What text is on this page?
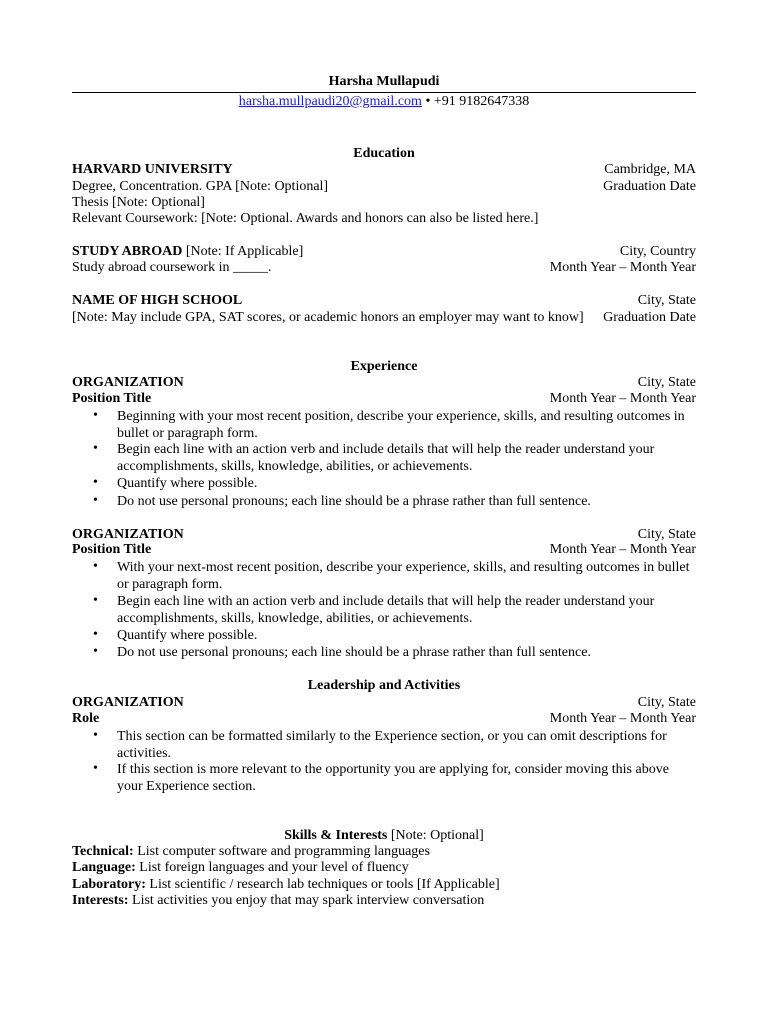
Harsha Mullapudi
harsha.mullpaudi20@gmail.com • +91 9182647338
Education
HARVARD UNIVERSITY	Cambridge, MA
Degree, Concentration. GPA [Note: Optional]	Graduation Date
Thesis [Note: Optional]
Relevant Coursework: [Note: Optional. Awards and honors can also be listed here.]
STUDY ABROAD [Note: If Applicable]	City, Country
Study abroad coursework in _____.	Month Year – Month Year
NAME OF HIGH SCHOOL	City, State
[Note: May include GPA, SAT scores, or academic honors an employer may want to know] Graduation Date
Experience
ORGANIZATION	City, State
Position Title	Month Year – Month Year
•	Beginning with your most recent position, describe your experience, skills, and resulting outcomes in bullet or paragraph form.
•	Begin each line with an action verb and include details that will help the reader understand your accomplishments, skills, knowledge, abilities, or achievements.
•	Quantify where possible.
•	Do not use personal pronouns; each line should be a phrase rather than full sentence.
ORGANIZATION	City, State
Position Title	Month Year – Month Year
•	With your next-most recent position, describe your experience, skills, and resulting outcomes in bullet or paragraph form.
•	Begin each line with an action verb and include details that will help the reader understand your accomplishments, skills, knowledge, abilities, or achievements.
•	Quantify where possible.
•	Do not use personal pronouns; each line should be a phrase rather than full sentence.
Leadership and Activities
ORGANIZATION	City, State
Role	Month Year – Month Year
•	This section can be formatted similarly to the Experience section, or you can omit descriptions for activities.
•	If this section is more relevant to the opportunity you are applying for, consider moving this above your Experience section.
Skills & Interests [Note: Optional]
Technical: List computer software and programming languages
Language: List foreign languages and your level of fluency
Laboratory: List scientific / research lab techniques or tools [If Applicable]
Interests: List activities you enjoy that may spark interview conversation
